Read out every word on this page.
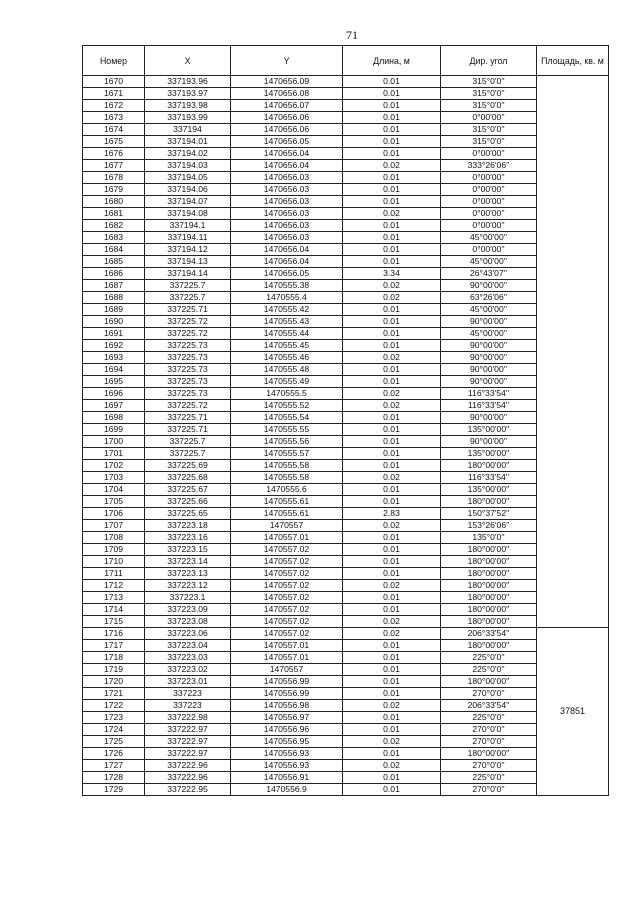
71
Номер	X	Y	Длина, м	Дир. угол	Площадь, кв. м
1670	337193.96	1470656.09	0.01	315°0'0''	
1671	337193.97	1470656.08	0.01	315°0'0''	
1672	337193.98	1470656.07	0.01	315°0'0''	
1673	337193.99	1470656.06	0.01	0°00'00''	
1674	337194	1470656.06	0.01	315°0'0''	
1675	337194.01	1470656.05	0.01	315°0'0''	
1676	337194.02	1470656.04	0.01	0°00'00''	
1677	337194.03	1470656.04	0.02	333°26'06''	
1678	337194.05	1470656.03	0.01	0°00'00''	
1679	337194.06	1470656.03	0.01	0°00'00''	
1680	337194.07	1470656.03	0.01	0°00'00''	
1681	337194.08	1470656.03	0.02	0°00'00''	
1682	337194.1	1470656.03	0.01	0°00'00''	
1683	337194.11	1470656.03	0.01	45°00'00''	
1684	337194.12	1470656.04	0.01	0°00'00''	
1685	337194.13	1470656.04	0.01	45°00'00''	
1686	337194.14	1470656.05	3.34	26°43'07''	
1687	337225.7	1470555.38	0.02	90°00'00''	
1688	337225.7	1470555.4	0.02	63°26'06''	
1689	337225.71	1470555.42	0.01	45°00'00''	
1690	337225.72	1470555.43	0.01	90°00'00''	
1691	337225.72	1470555.44	0.01	45°00'00''	
1692	337225.73	1470555.45	0.01	90°00'00''	
1693	337225.73	1470555.46	0.02	90°00'00''	
1694	337225.73	1470555.48	0.01	90°00'00''	
1695	337225.73	1470555.49	0.01	90°00'00''	
1696	337225.73	1470555.5	0.02	116°33'54''	
1697	337225.72	1470555.52	0.02	116°33'54''	
1698	337225.71	1470555.54	0.01	90°00'00''	
1699	337225.71	1470555.55	0.01	135°00'00''	
1700	337225.7	1470555.56	0.01	90°00'00''	
1701	337225.7	1470555.57	0.01	135°00'00''	
1702	337225.69	1470555.58	0.01	180°00'00''	
1703	337225.68	1470555.58	0.02	116°33'54''	
1704	337225.67	1470555.6	0.01	135°00'00''	
1705	337225.66	1470555.61	0.01	180°00'00''	
1706	337225.65	1470555.61	2.83	150°37'52''	
1707	337223.18	1470557	0.02	153°26'06''	
1708	337223.16	1470557.01	0.01	135°0'0''	
1709	337223.15	1470557.02	0.01	180°00'00''	
1710	337223.14	1470557.02	0.01	180°00'00''	
1711	337223.13	1470557.02	0.01	180°00'00''	
1712	337223.12	1470557.02	0.02	180°00'00''	
1713	337223.1	1470557.02	0.01	180°00'00''	
1714	337223.09	1470557.02	0.01	180°00'00''	
1715	337223.08	1470557.02	0.02	180°00'00''	
1716	337223.06	1470557.02	0.02	206°33'54''	37851
1717	337223.04	1470557.01	0.01	180°00'00''	
1718	337223.03	1470557.01	0.01	225°0'0''	
1719	337223.02	1470557	0.01	225°0'0''	
1720	337223.01	1470556.99	0.01	180°00'00''	
1721	337223	1470556.99	0.01	270°0'0''	
1722	337223	1470556.98	0.02	206°33'54''	
1723	337222.98	1470556.97	0.01	225°0'0''	
1724	337222.97	1470556.96	0.01	270°0'0''	
1725	337222.97	1470556.95	0.02	270°0'0''	
1726	337222.97	1470556.93	0.01	180°00'00''	
1727	337222.96	1470556.93	0.02	270°0'0''	
1728	337222.96	1470556.91	0.01	225°0'0''	
1729	337222.95	1470556.9	0.01	270°0'0''	
